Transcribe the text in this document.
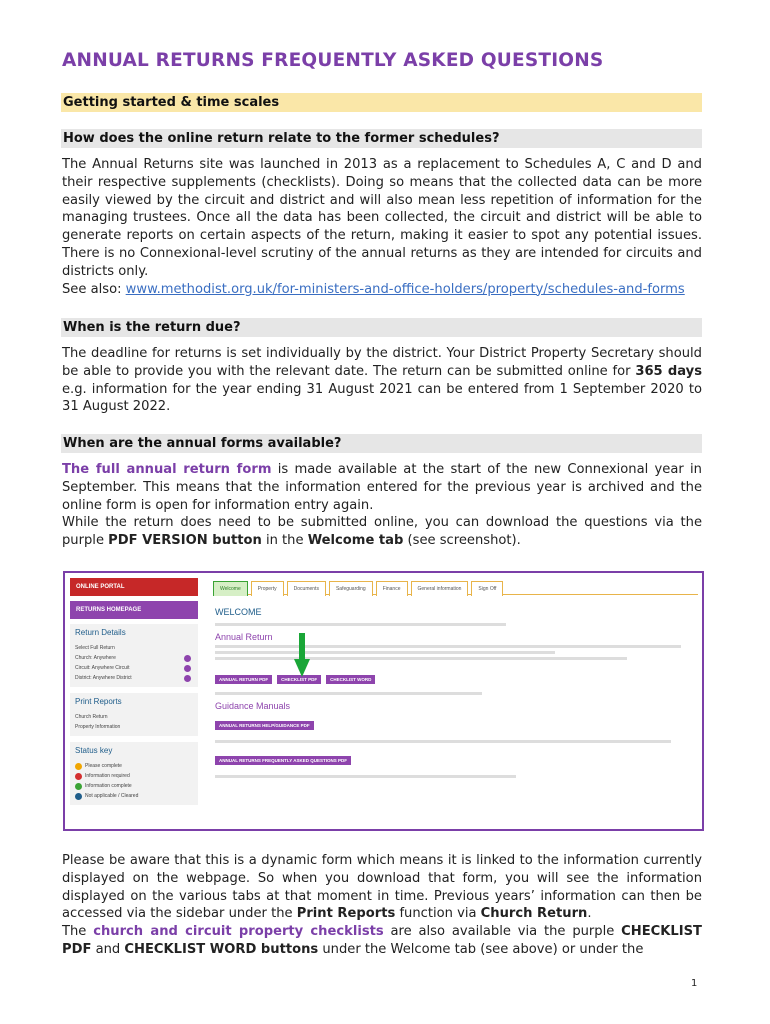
ANNUAL RETURNS FREQUENTLY ASKED QUESTIONS
Getting started & time scales
How does the online return relate to the former schedules?

The Annual Returns site was launched in 2013 as a replacement to Schedules A, C and D and their respective supplements (checklists). Doing so means that the collected data can be more easily viewed by the circuit and district and will also mean less repetition of information for the managing trustees. Once all the data has been collected, the circuit and district will be able to generate reports on certain aspects of the return, making it easier to spot any potential issues. There is no Connexional-level scrutiny of the annual returns as they are intended for circuits and districts only.
See also: www.methodist.org.uk/for-ministers-and-office-holders/property/schedules-and-forms

When is the return due?

The deadline for returns is set individually by the district. Your District Property Secretary should be able to provide you with the relevant date. The return can be submitted online for 365 days e.g. information for the year ending 31 August 2021 can be entered from 1 September 2020 to 31 August 2022.

When are the annual forms available?

The full annual return form is made available at the start of the new Connexional year in September. This means that the information entered for the previous year is archived and the online form is open for information entry again.
While the return does need to be submitted online, you can download the questions via the purple PDF VERSION button in the Welcome tab (see screenshot).

ONLINE PORTAL
RETURNS HOMEPAGE
Return Details
Select Full Return
Church: Anywhere
Circuit: Anywhere Circuit
District: Anywhere District
Print Reports
Church Return
Property Information
Status key
Please complete
Information required
Information complete
Not applicable / Cleared
Welcome	Property	Documents	Safeguarding	Finance	General information	Sign Off
WELCOME
Annual Return
ANNUAL RETURN PDF	CHECKLIST PDF	CHECKLIST WORD
Guidance Manuals
ANNUAL RETURNS HELP/GUIDANCE PDF
ANNUAL RETURNS FREQUENTLY ASKED QUESTIONS PDF

Please be aware that this is a dynamic form which means it is linked to the information currently displayed on the webpage. So when you download that form, you will see the information displayed on the various tabs at that moment in time. Previous years’ information can then be accessed via the sidebar under the Print Reports function via Church Return.
The church and circuit property checklists are also available via the purple CHECKLIST PDF and CHECKLIST WORD buttons under the Welcome tab (see above) or under the

1
